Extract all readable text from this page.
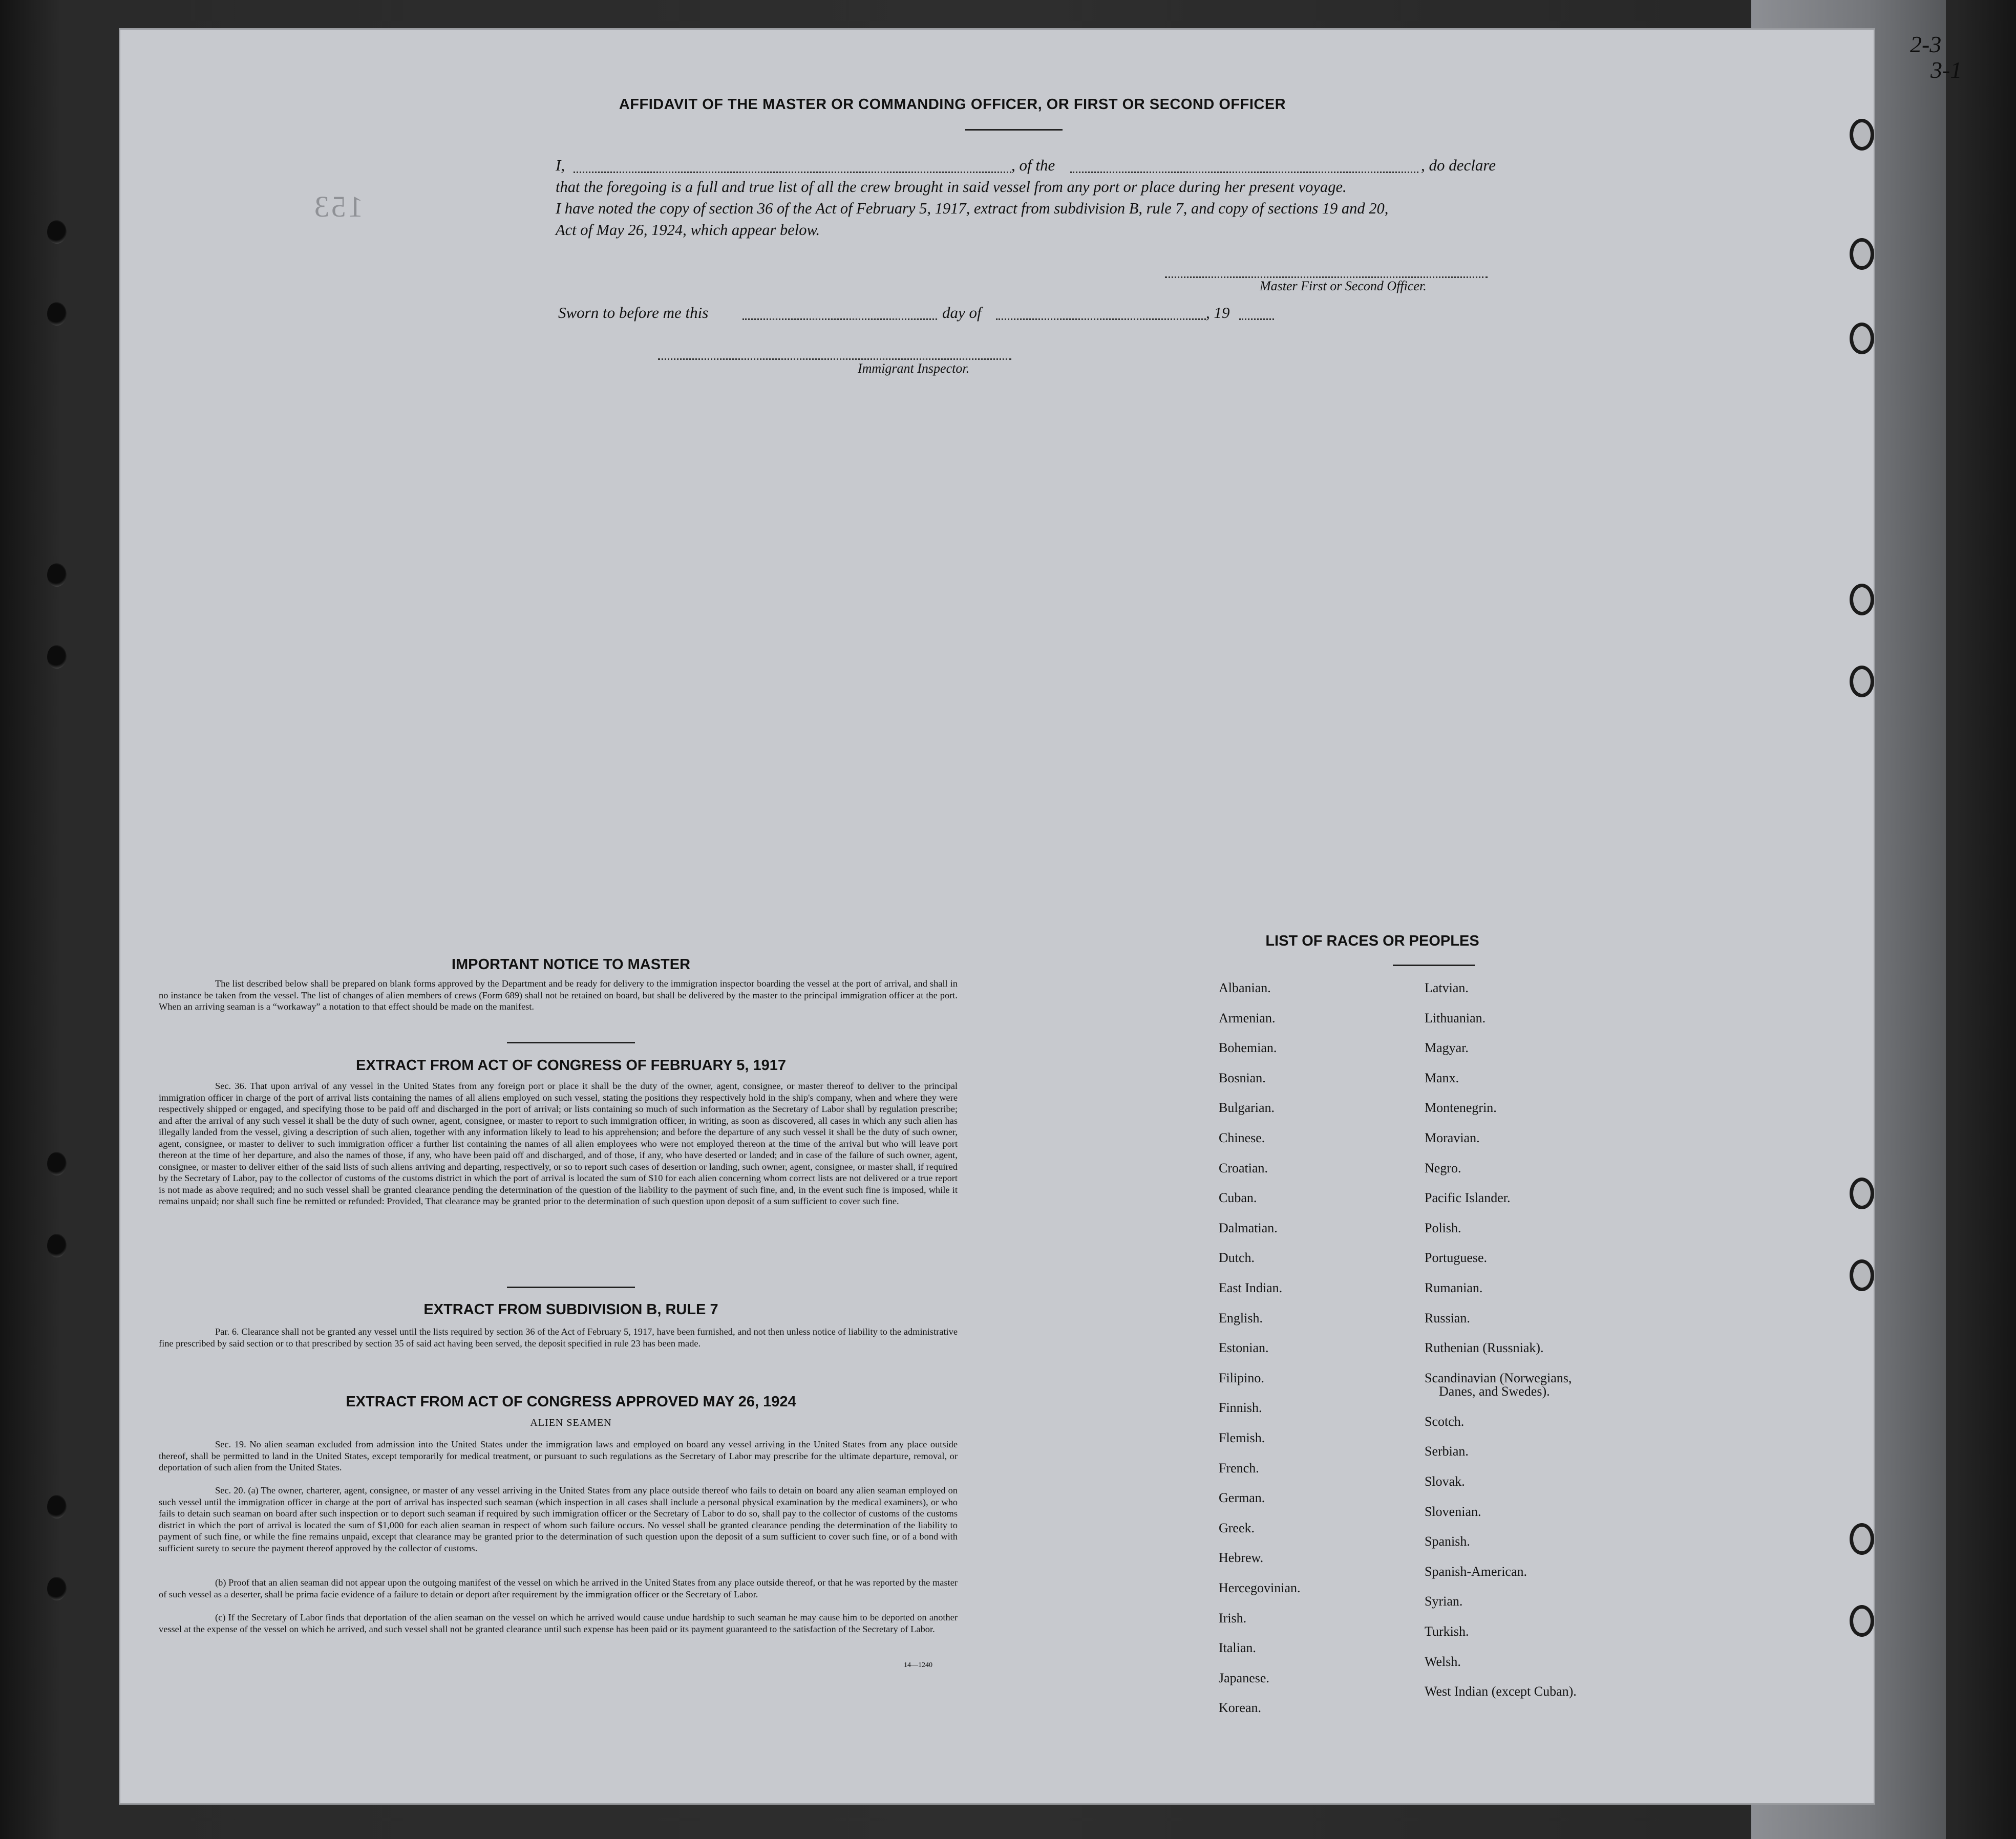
2-3
3-1
153
AFFIDAVIT OF THE MASTER OR COMMANDING OFFICER, OR FIRST OR SECOND OFFICER
I,	, of the	, do declare
that the foregoing is a full and true list of all the crew brought in said vessel from any port or place during her present voyage.
I have noted the copy of section 36 of the Act of February 5, 1917, extract from subdivision B, rule 7, and copy of sections 19 and 20,
Act of May 26, 1924, which appear below.
Master First or Second Officer.
Sworn to before me this	day of	, 19
Immigrant Inspector.
IMPORTANT NOTICE TO MASTER
The list described below shall be prepared on blank forms approved by the Department and be ready for delivery to the immigration inspector boarding the vessel at the port of arrival, and shall in no instance be taken from the vessel. The list of changes of alien members of crews (Form 689) shall not be retained on board, but shall be delivered by the master to the principal immigration officer at the port. When an arriving seaman is a “workaway” a notation to that effect should be made on the manifest.
EXTRACT FROM ACT OF CONGRESS OF FEBRUARY 5, 1917
Sec. 36. That upon arrival of any vessel in the United States from any foreign port or place it shall be the duty of the owner, agent, consignee, or master thereof to deliver to the principal immigration officer in charge of the port of arrival lists containing the names of all aliens employed on such vessel, stating the positions they respectively hold in the ship's company, when and where they were respectively shipped or engaged, and specifying those to be paid off and discharged in the port of arrival; or lists containing so much of such information as the Secretary of Labor shall by regulation prescribe; and after the arrival of any such vessel it shall be the duty of such owner, agent, consignee, or master to report to such immigration officer, in writing, as soon as discovered, all cases in which any such alien has illegally landed from the vessel, giving a description of such alien, together with any information likely to lead to his apprehension; and before the departure of any such vessel it shall be the duty of such owner, agent, consignee, or master to deliver to such immigration officer a further list containing the names of all alien employees who were not employed thereon at the time of the arrival but who will leave port thereon at the time of her departure, and also the names of those, if any, who have been paid off and discharged, and of those, if any, who have deserted or landed; and in case of the failure of such owner, agent, consignee, or master to deliver either of the said lists of such aliens arriving and departing, respectively, or so to report such cases of desertion or landing, such owner, agent, consignee, or master shall, if required by the Secretary of Labor, pay to the collector of customs of the customs district in which the port of arrival is located the sum of $10 for each alien concerning whom correct lists are not delivered or a true report is not made as above required; and no such vessel shall be granted clearance pending the determination of the question of the liability to the payment of such fine, and, in the event such fine is imposed, while it remains unpaid; nor shall such fine be remitted or refunded: Provided, That clearance may be granted prior to the determination of such question upon deposit of a sum sufficient to cover such fine.
EXTRACT FROM SUBDIVISION B, RULE 7
Par. 6. Clearance shall not be granted any vessel until the lists required by section 36 of the Act of February 5, 1917, have been furnished, and not then unless notice of liability to the administrative fine prescribed by said section or to that prescribed by section 35 of said act having been served, the deposit specified in rule 23 has been made.
EXTRACT FROM ACT OF CONGRESS APPROVED MAY 26, 1924
ALIEN SEAMEN
Sec. 19. No alien seaman excluded from admission into the United States under the immigration laws and employed on board any vessel arriving in the United States from any place outside thereof, shall be permitted to land in the United States, except temporarily for medical treatment, or pursuant to such regulations as the Secretary of Labor may prescribe for the ultimate departure, removal, or deportation of such alien from the United States.
Sec. 20. (a) The owner, charterer, agent, consignee, or master of any vessel arriving in the United States from any place outside thereof who fails to detain on board any alien seaman employed on such vessel until the immigration officer in charge at the port of arrival has inspected such seaman (which inspection in all cases shall include a personal physical examination by the medical examiners), or who fails to detain such seaman on board after such inspection or to deport such seaman if required by such immigration officer or the Secretary of Labor to do so, shall pay to the collector of customs of the customs district in which the port of arrival is located the sum of $1,000 for each alien seaman in respect of whom such failure occurs. No vessel shall be granted clearance pending the determination of the liability to payment of such fine, or while the fine remains unpaid, except that clearance may be granted prior to the determination of such question upon the deposit of a sum sufficient to cover such fine, or of a bond with sufficient surety to secure the payment thereof approved by the collector of customs.
(b) Proof that an alien seaman did not appear upon the outgoing manifest of the vessel on which he arrived in the United States from any place outside thereof, or that he was reported by the master of such vessel as a deserter, shall be prima facie evidence of a failure to detain or deport after requirement by the immigration officer or the Secretary of Labor.
(c) If the Secretary of Labor finds that deportation of the alien seaman on the vessel on which he arrived would cause undue hardship to such seaman he may cause him to be deported on another vessel at the expense of the vessel on which he arrived, and such vessel shall not be granted clearance until such expense has been paid or its payment guaranteed to the satisfaction of the Secretary of Labor.
14—1240
LIST OF RACES OR PEOPLES
Albanian.
Armenian.
Bohemian.
Bosnian.
Bulgarian.
Chinese.
Croatian.
Cuban.
Dalmatian.
Dutch.
East Indian.
English.
Estonian.
Filipino.
Finnish.
Flemish.
French.
German.
Greek.
Hebrew.
Hercegovinian.
Irish.
Italian.
Japanese.
Korean.
Latvian.
Lithuanian.
Magyar.
Manx.
Montenegrin.
Moravian.
Negro.
Pacific Islander.
Polish.
Portuguese.
Rumanian.
Russian.
Ruthenian (Russniak).
Scandinavian (Norwegians,
Danes, and Swedes).
Scotch.
Serbian.
Slovak.
Slovenian.
Spanish.
Spanish-American.
Syrian.
Turkish.
Welsh.
West Indian (except Cuban).
